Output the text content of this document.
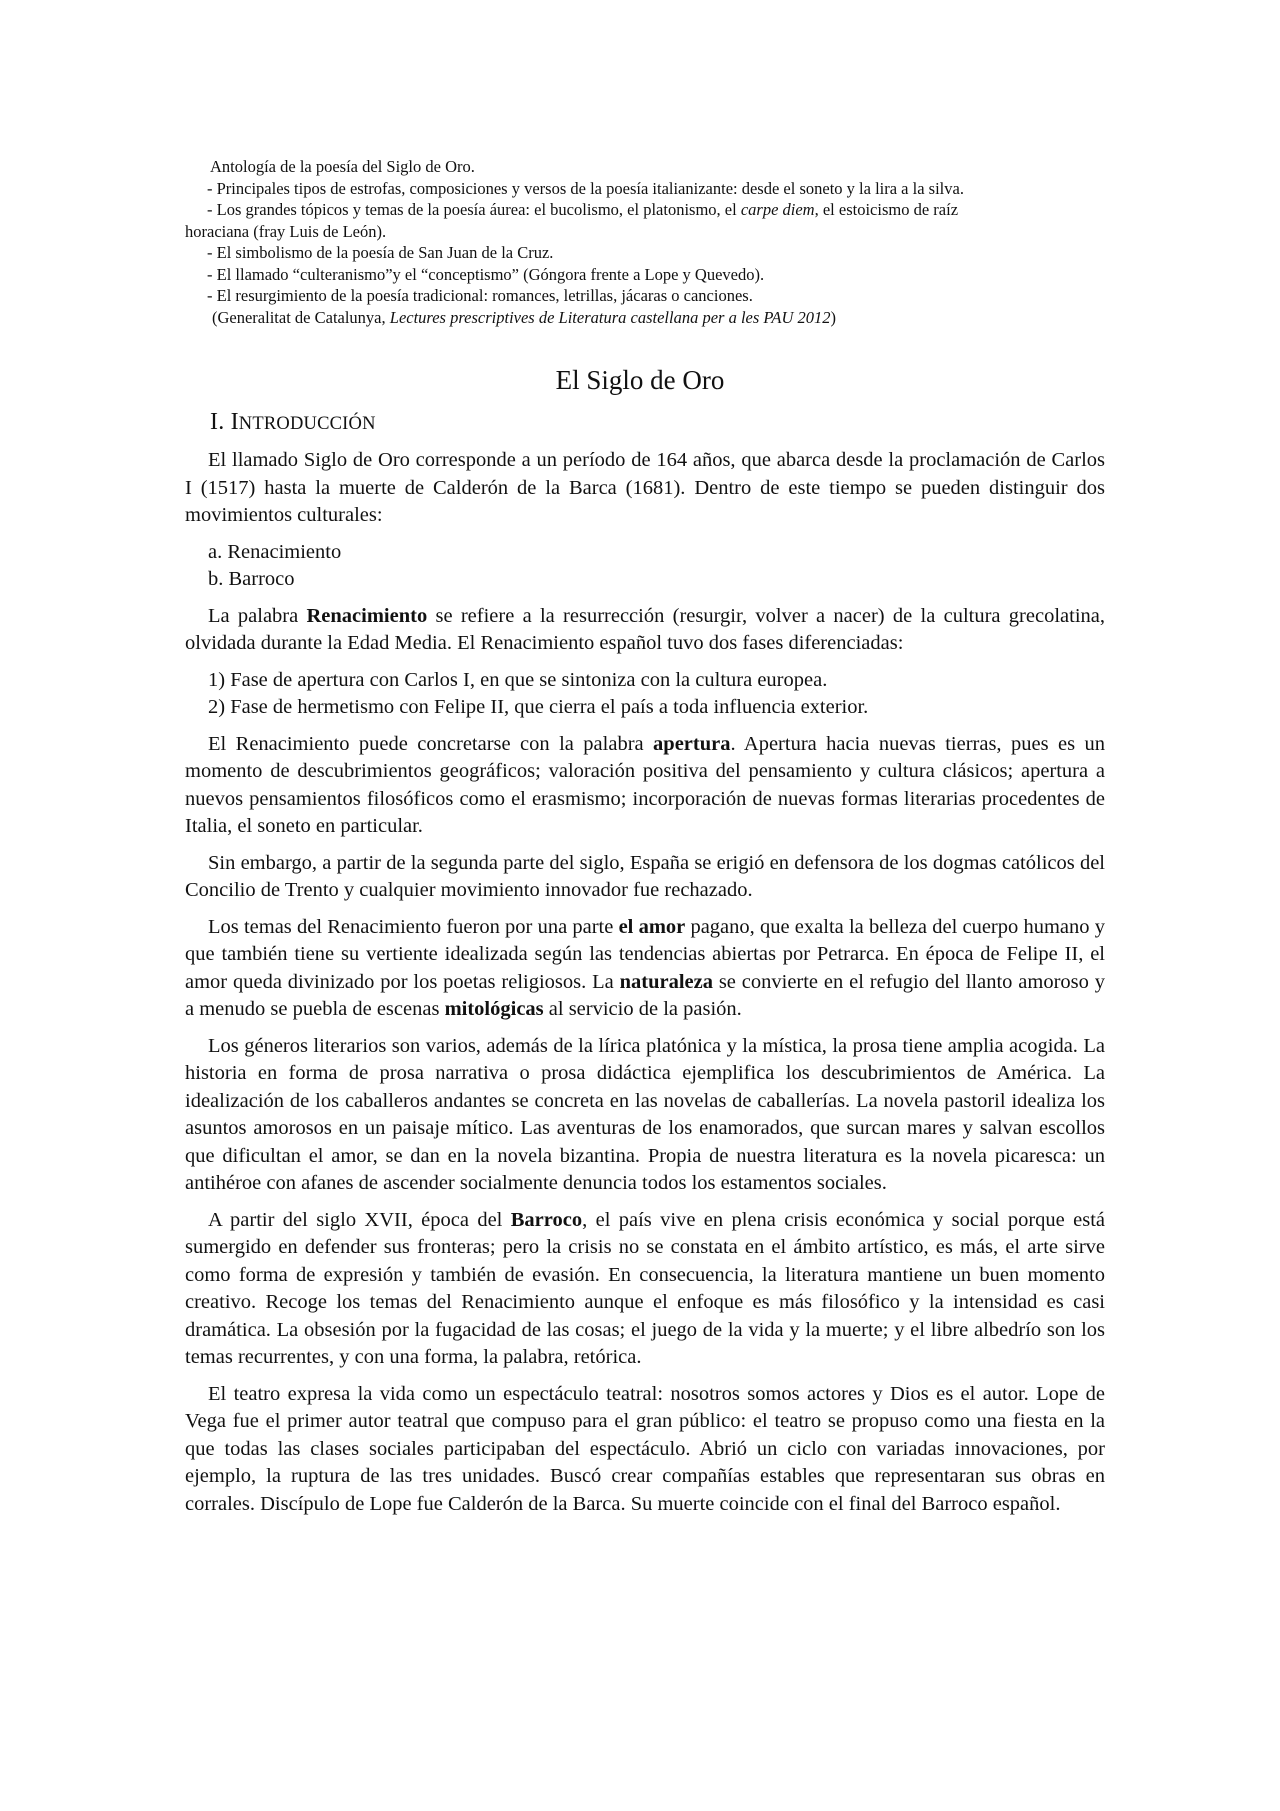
Antología de la poesía del Siglo de Oro.

- Principales tipos de estrofas, composiciones y versos de la poesía italianizante: desde el soneto y la lira a la silva.

- Los grandes tópicos y temas de la poesía áurea: el bucolismo, el platonismo, el carpe diem, el estoicismo de raíz

horaciana (fray Luis de León).

- El simbolismo de la poesía de San Juan de la Cruz.

- El llamado “culteranismo”y el “conceptismo” (Góngora frente a Lope y Quevedo).

- El resurgimiento de la poesía tradicional: romances, letrillas, jácaras o canciones.

(Generalitat de Catalunya, Lectures prescriptives de Literatura castellana per a les PAU 2012)

El Siglo de Oro
I. INTRODUCCIÓN

El llamado Siglo de Oro corresponde a un período de 164 años, que abarca desde la proclamación de Carlos I (1517) hasta la muerte de Calderón de la Barca (1681). Dentro de este tiempo se pueden distinguir dos movimientos culturales:

a. Renacimiento
b. Barroco

La palabra Renacimiento se refiere a la resurrección (resurgir, volver a nacer) de la cultura grecolatina, olvidada durante la Edad Media. El Renacimiento español tuvo dos fases diferenciadas:

1) Fase de apertura con Carlos I, en que se sintoniza con la cultura europea.
2) Fase de hermetismo con Felipe II, que cierra el país a toda influencia exterior.

El Renacimiento puede concretarse con la palabra apertura. Apertura hacia nuevas tierras, pues es un momento de descubrimientos geográficos; valoración positiva del pensamiento y cultura clásicos; apertura a nuevos pensamientos filosóficos como el erasmismo; incorporación de nuevas formas literarias procedentes de Italia, el soneto en particular.

Sin embargo, a partir de la segunda parte del siglo, España se erigió en defensora de los dogmas católicos del Concilio de Trento y cualquier movimiento innovador fue rechazado.

Los temas del Renacimiento fueron por una parte el amor pagano, que exalta la belleza del cuerpo humano y que también tiene su vertiente idealizada según las tendencias abiertas por Petrarca. En época de Felipe II, el amor queda divinizado por los poetas religiosos. La naturaleza se convierte en el refugio del llanto amoroso y a menudo se puebla de escenas mitológicas al servicio de la pasión.

Los géneros literarios son varios, además de la lírica platónica y la mística, la prosa tiene amplia acogida. La historia en forma de prosa narrativa o prosa didáctica ejemplifica los descubrimientos de América. La idealización de los caballeros andantes se concreta en las novelas de caballerías. La novela pastoril idealiza los asuntos amorosos en un paisaje mítico. Las aventuras de los enamorados, que surcan mares y salvan escollos que dificultan el amor, se dan en la novela bizantina. Propia de nuestra literatura es la novela picaresca: un antihéroe con afanes de ascender socialmente denuncia todos los estamentos sociales.

A partir del siglo XVII, época del Barroco, el país vive en plena crisis económica y social porque está sumergido en defender sus fronteras; pero la crisis no se constata en el ámbito artístico, es más, el arte sirve como forma de expresión y también de evasión. En consecuencia, la literatura mantiene un buen momento creativo. Recoge los temas del Renacimiento aunque el enfoque es más filosófico y la intensidad es casi dramática. La obsesión por la fugacidad de las cosas; el juego de la vida y la muerte; y el libre albedrío son los temas recurrentes, y con una forma, la palabra, retórica.

El teatro expresa la vida como un espectáculo teatral: nosotros somos actores y Dios es el autor. Lope de Vega fue el primer autor teatral que compuso para el gran público: el teatro se propuso como una fiesta en la que todas las clases sociales participaban del espectáculo. Abrió un ciclo con variadas innovaciones, por ejemplo, la ruptura de las tres unidades. Buscó crear compañías estables que representaran sus obras en corrales. Discípulo de Lope fue Calderón de la Barca. Su muerte coincide con el final del Barroco español.
